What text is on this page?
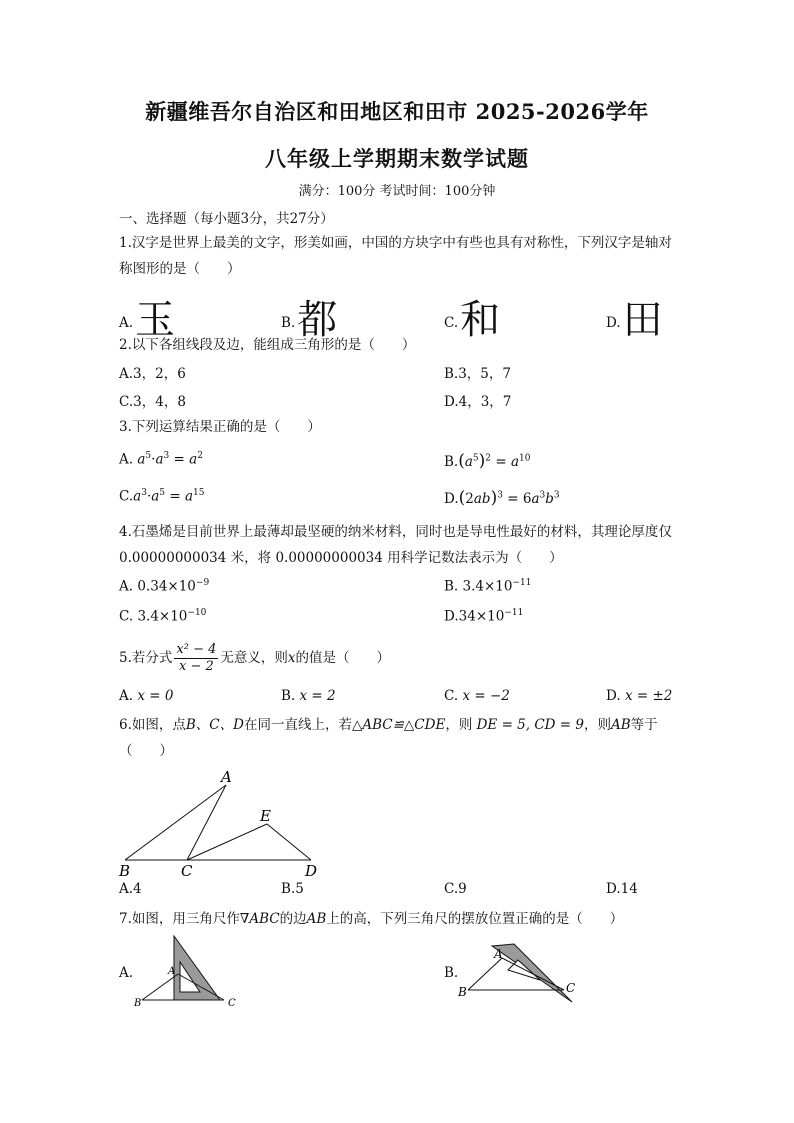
新疆维吾尔自治区和田地区和田市 2025-2026学年
八年级上学期期末数学试题
满分：100分 考试时间：100分钟
一、选择题（每小题3分，共27分）
1.汉字是世界上最美的文字，形美如画，中国的方块字中有些也具有对称性，下列汉字是轴对称图形的是（　　）
A.玉	B.都	C.和	D.田
2.以下各组线段及边，能组成三角形的是（　　）
A.3，2，6	B.3，5，7
C.3，4，8	D.4，3，7
3.下列运算结果正确的是（　　）
A. $a^5\cdot a^3 = a^2$	$B.(a^5)^2 = a^{10}$
$C.a^3\cdot a^5 = a^{15}$	$D.(2ab)^3 = 6a^3b^3$
4.石墨烯是目前世界上最薄却最坚硬的纳米材料，同时也是导电性最好的材料，其理论厚度仅 0.00000000034 米，将 0.00000000034 用科学记数法表示为（　　）
A. $0.34\times 10^{-9}$	B. $3.4\times 10^{-11}$
C. $3.4\times 10^{-10}$	$D.34\times 10^{-11}$
5.若分式 $\frac{\text{x² − 4}}{x - 2}$ 无意义，则x的值是（　　）
A. x = 0	B. x = 2	C. x = −2	D. x = ±2
6.如图，点B、C、D在同一直线上，若△ABC≌△CDE，则 DE = 5, CD = 9，则AB等于（　　）
A
B	C	D
E
A.4	B.5	C.9	D.14
7.如图，用三角尺作∇ABC的边AB上的高，下列三角尺的摆放位置正确的是（　　）
A.	B.
A
B	C
A
B	C
